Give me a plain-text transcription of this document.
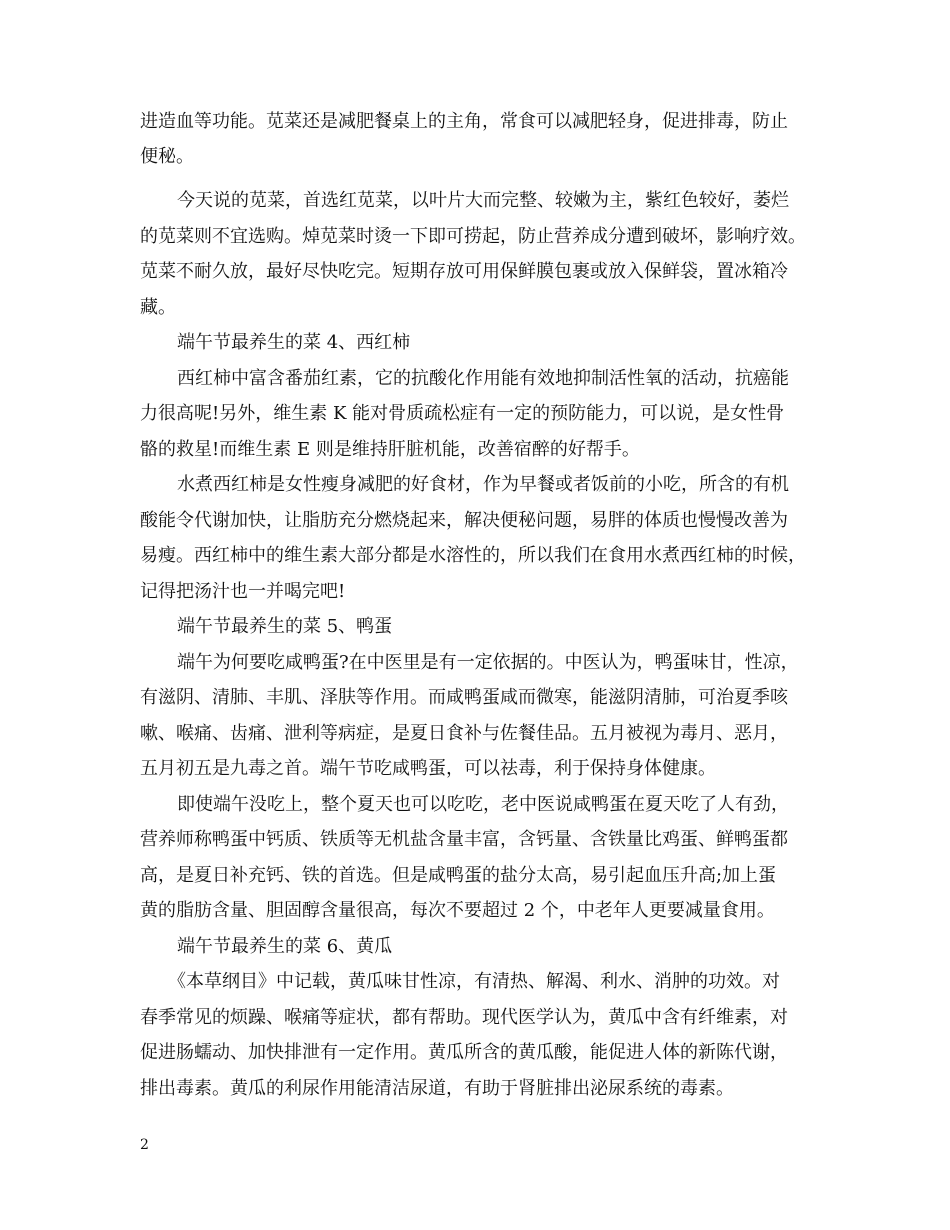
进造血等功能。苋菜还是减肥餐桌上的主角，常食可以减肥轻身，促进排毒，防止
便秘。
今天说的苋菜，首选红苋菜，以叶片大而完整、较嫩为主，紫红色较好，萎烂
的苋菜则不宜选购。焯苋菜时烫一下即可捞起，防止营养成分遭到破坏，影响疗效。
苋菜不耐久放，最好尽快吃完。短期存放可用保鲜膜包裹或放入保鲜袋，置冰箱冷
藏。
端午节最养生的菜 4、西红柿
西红柿中富含番茄红素，它的抗酸化作用能有效地抑制活性氧的活动，抗癌能
力很高呢!另外，维生素 K 能对骨质疏松症有一定的预防能力，可以说，是女性骨
骼的救星!而维生素 E 则是维持肝脏机能，改善宿醉的好帮手。
水煮西红柿是女性瘦身减肥的好食材，作为早餐或者饭前的小吃，所含的有机
酸能令代谢加快，让脂肪充分燃烧起来，解决便秘问题，易胖的体质也慢慢改善为
易瘦。西红柿中的维生素大部分都是水溶性的，所以我们在食用水煮西红柿的时候，
记得把汤汁也一并喝完吧!
端午节最养生的菜 5、鸭蛋
端午为何要吃咸鸭蛋?在中医里是有一定依据的。中医认为，鸭蛋味甘，性凉，
有滋阴、清肺、丰肌、泽肤等作用。而咸鸭蛋咸而微寒，能滋阴清肺，可治夏季咳
嗽、喉痛、齿痛、泄利等病症，是夏日食补与佐餐佳品。五月被视为毒月、恶月，
五月初五是九毒之首。端午节吃咸鸭蛋，可以祛毒，利于保持身体健康。
即使端午没吃上，整个夏天也可以吃吃，老中医说咸鸭蛋在夏天吃了人有劲，
营养师称鸭蛋中钙质、铁质等无机盐含量丰富，含钙量、含铁量比鸡蛋、鲜鸭蛋都
高，是夏日补充钙、铁的首选。但是咸鸭蛋的盐分太高，易引起血压升高;加上蛋
黄的脂肪含量、胆固醇含量很高，每次不要超过 2 个，中老年人更要减量食用。
端午节最养生的菜 6、黄瓜
《本草纲目》中记载，黄瓜味甘性凉，有清热、解渴、利水、消肿的功效。对
春季常见的烦躁、喉痛等症状，都有帮助。现代医学认为，黄瓜中含有纤维素，对
促进肠蠕动、加快排泄有一定作用。黄瓜所含的黄瓜酸，能促进人体的新陈代谢，
排出毒素。黄瓜的利尿作用能清洁尿道，有助于肾脏排出泌尿系统的毒素。
2
